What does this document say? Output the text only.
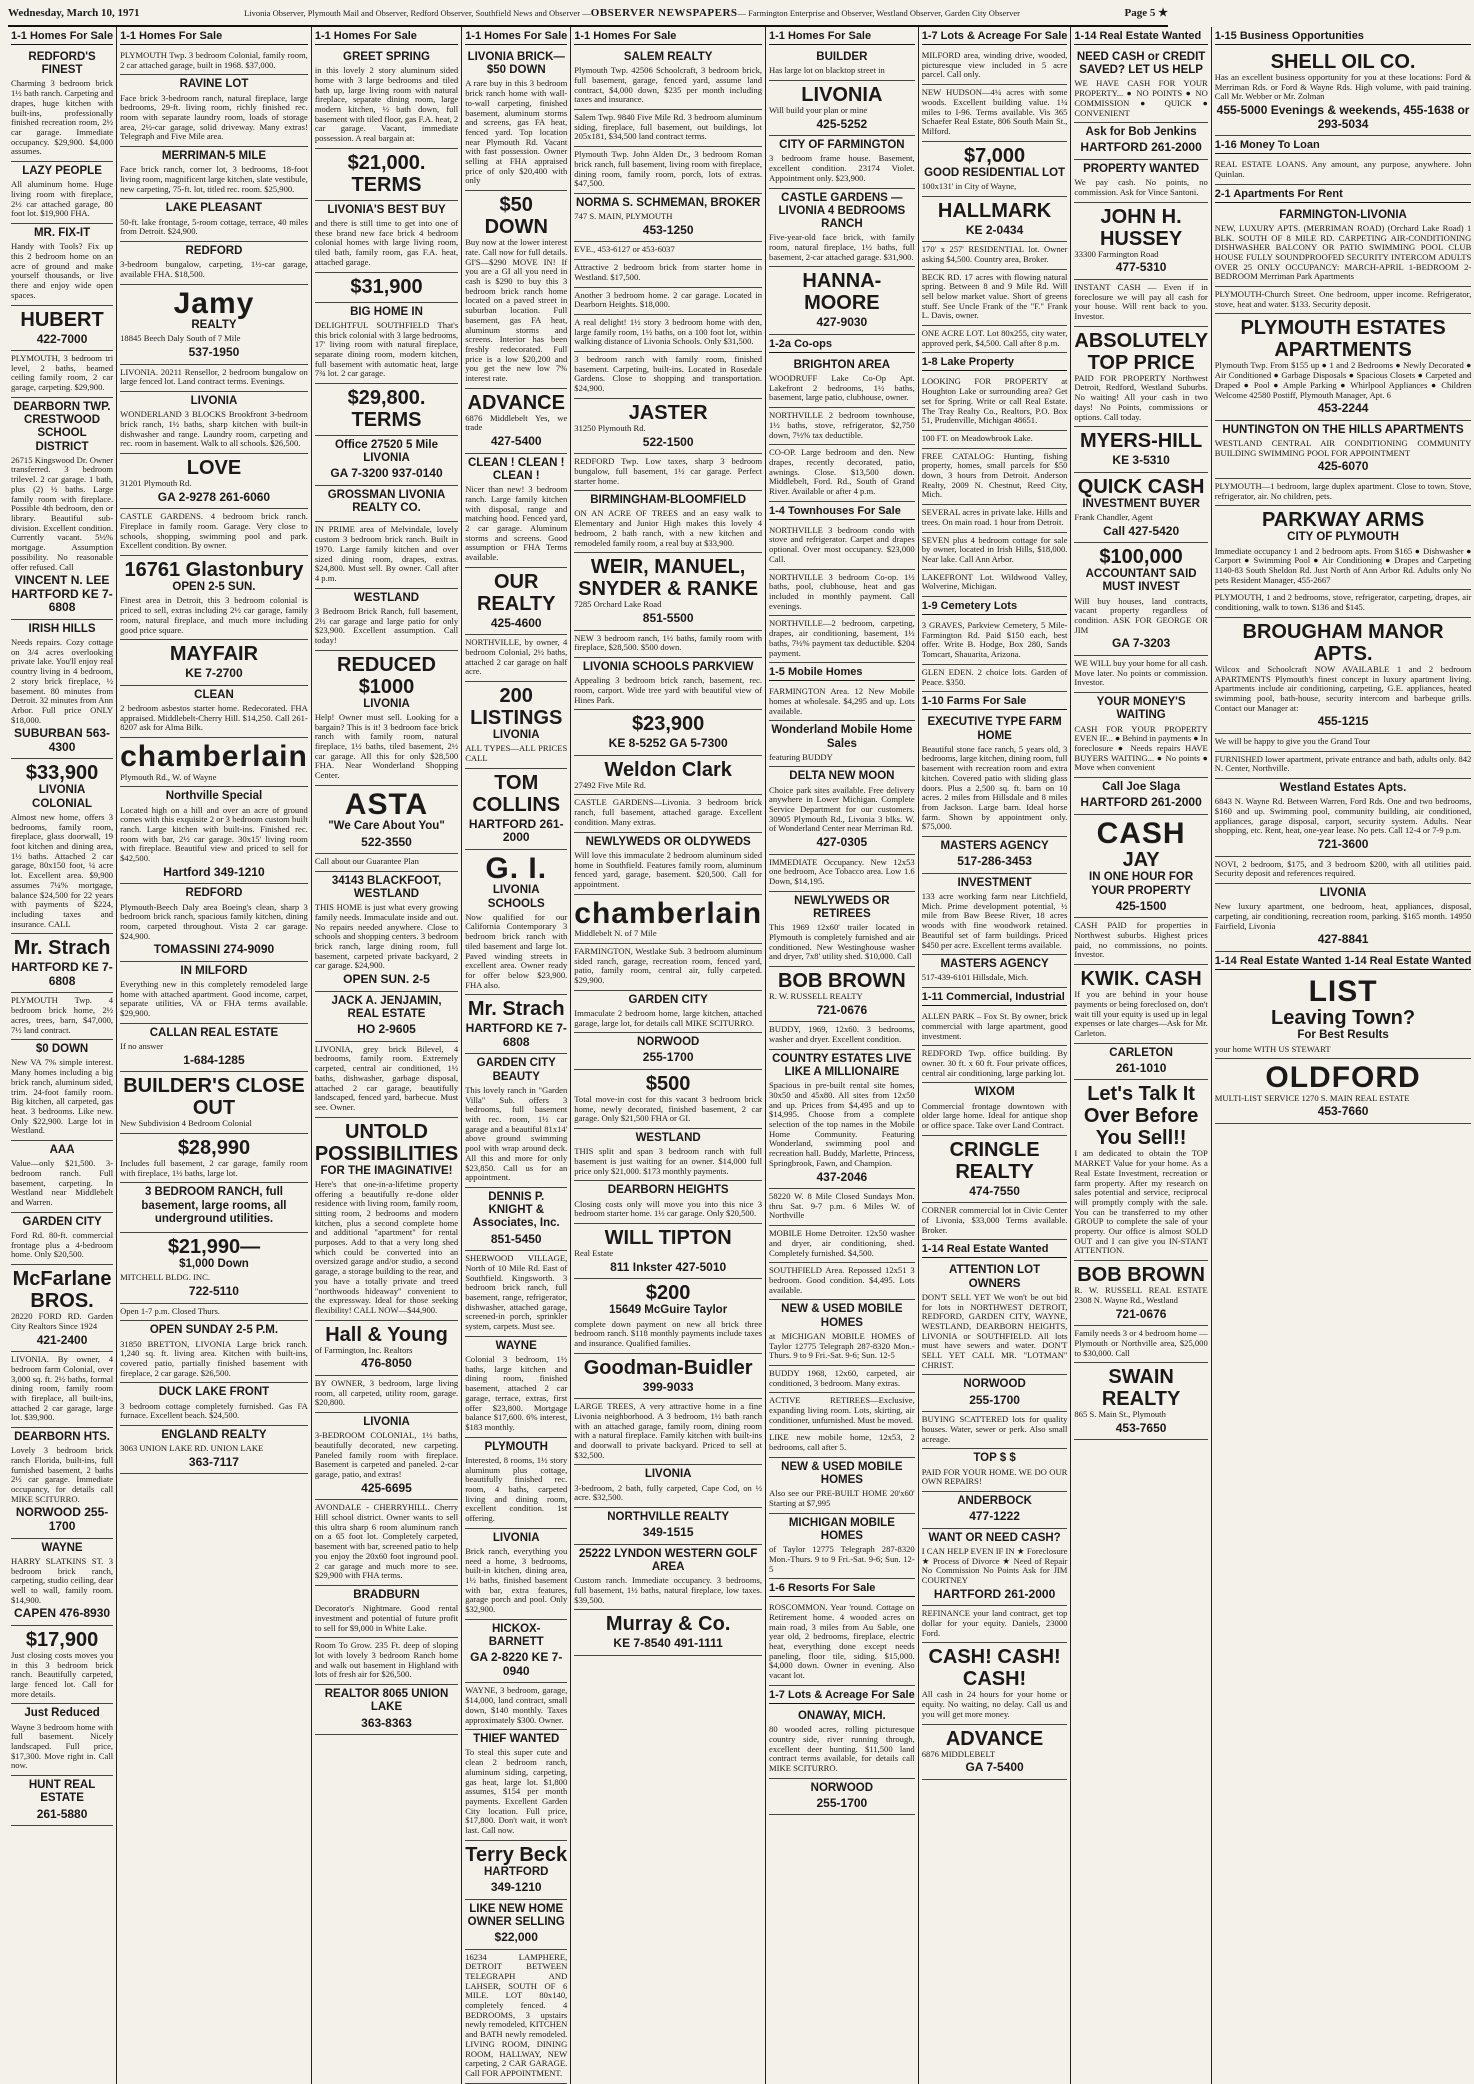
Wednesday, March 10, 1971	Livonia Observer, Plymouth Mail and Observer, Redford Observer, Southfield News and Observer —OBSERVER NEWSPAPERS— Farmington Enterprise and Observer, Westland Observer, Garden City Observer	Page 5 ★
1-1 Homes For Sale
REDFORD'S FINEST
Charming 3 bedroom brick 1½ bath ranch. Carpeting and drapes, huge kitchen with built-ins, professionally finished recreation room, 2½ car garage. Immediate occupancy. $29,900. $4,000 assumes.
LAZY PEOPLE
All aluminum home. Huge living room with fireplace, 2½ car attached garage, 80 foot lot. $19,900 FHA.
MR. FIX-IT
Handy with Tools? Fix up this 2 bedroom home on an acre of ground and make yourself thousands, or live there and enjoy wide open spaces.
HUBERT
422-7000
PLYMOUTH, 3 bedroom tri level, 2 baths, beamed ceiling family room, 2 car garage, carpeting. $29,900.
DEARBORN TWP. CRESTWOOD SCHOOL DISTRICT
26715 Kingswood Dr. Owner transferred. 3 bedroom trilevel. 2 car garage. 1 bath, plus (2) ½ baths. Large family room with fireplace. Possible 4th bedroom, den or library. Beautiful sub-division. Excellent condition. Currently vacant. 5½% mortgage. Assumption possibility. No reasonable offer refused. Call
VINCENT N. LEE HARTFORD KE 7-6808
IRISH HILLS
Needs repairs. Cozy cottage on 3/4 acres overlooking private lake. You'll enjoy real country living in 4 bedroom, 2 story brick fireplace, ½ basement. 80 minutes from Detroit. 32 minutes from Ann Arbor. Full price ONLY $18,000.
SUBURBAN 563-4300
$33,900
LIVONIA COLONIAL
Almost new home, offers 3 bedrooms, family room, fireplace, glass doorwall, 19 foot kitchen and dining area, 1½ baths. Attached 2 car garage, 80x150 foot, ¼ acre lot. Excellent area. $9,900 assumes 7¼% mortgage, balance $24,500 for 22 years with payments of $224, including taxes and insurance. CALL
Mr. Strach
HARTFORD KE 7-6808
PLYMOUTH Twp. 4 bedroom brick home, 2½ acres, trees, barn, $47,000, 7½ land contract.
$0 DOWN
New VA 7% simple interest. Many homes including a big brick ranch, aluminum sided, trim. 24-foot family room. Big kitchen, all carpeted, gas heat. 3 bedrooms. Like new. Only $22,900. Large lot in Westland.
AAA
Value—only $21,500. 3-bedroom ranch. Full basement, carpeting. In Westland near Middlebelt and Warren.
GARDEN CITY
Ford Rd. 80-ft. commercial frontage plus a 4-bedroom home. Only $20,500.
McFarlane BROS.
28220 FORD RD. Garden City Realtors Since 1924
421-2400
LIVONIA. By owner, 4 bedroom farm Colonial, over 3,000 sq. ft. 2½ baths, formal dining room, family room with fireplace, all built-ins, attached 2 car garage, large lot. $39,900.
DEARBORN HTS.
Lovely 3 bedroom brick ranch Florida, built-ins, full furnished basement, 2 baths 2½ car garage. Immediate occupancy, for details call MIKE SCITURRO.
NORWOOD 255-1700
WAYNE
HARRY SLATKINS ST. 3 bedroom brick ranch, carpeting, studio ceiling, dear well to wall, family room. $14,900.
CAPEN 476-8930
$17,900
Just closing costs moves you in this 3 bedroom brick ranch. Beautifully carpeted, large fenced lot. Call for more details.
Just Reduced
Wayne 3 bedroom home with full basement. Nicely landscaped. Full price, $17,300. Move right in. Call now.
HUNT REAL ESTATE
261-5880
1-1 Homes For Sale
PLYMOUTH Twp. 3 bedroom Colonial, family room, 2 car attached garage, built in 1968. $37,000.
RAVINE LOT
Face brick 3-bedroom ranch, natural fireplace, large bedrooms, 29-ft. living room, richly finished rec. room with separate laundry room, loads of storage area, 2½-car garage, solid driveway. Many extras! Telegraph and Five Mile area.
MERRIMAN-5 MILE
Face brick ranch, corner lot, 3 bedrooms, 18-foot living room, magnificent large kitchen, slate vestibule, new carpeting, 75-ft. lot, titled rec. room. $25,900.
LAKE PLEASANT
50-ft. lake frontage, 5-room cottage, terrace, 40 miles from Detroit. $24,900.
REDFORD
3-bedroom bungalow, carpeting, 1½-car garage, available FHA. $18,500.
Jamy
REALTY
18845 Beech Daly South of 7 Mile
537-1950
LIVONIA. 20211 Rensellor, 2 bedroom bungalow on large fenced lot. Land contract terms. Evenings.
LIVONIA
WONDERLAND 3 BLOCKS Brookfront 3-bedroom brick ranch, 1½ baths, sharp kitchen with built-in dishwasher and range. Laundry room, carpeting and rec. room in basement. Walk to all schools. $26,500.
LOVE
31201 Plymouth Rd.
GA 2-9278 261-6060
CASTLE GARDENS. 4 bedroom brick ranch. Fireplace in family room. Garage. Very close to schools, shopping, swimming pool and park. Excellent condition. By owner.
16761 Glastonbury
OPEN 2-5 SUN.
Finest area in Detroit, this 3 bedroom colonial is priced to sell, extras including 2½ car garage, family room, natural fireplace, and much more including good price square.
MAYFAIR
KE 7-2700
CLEAN
2 bedroom asbestos starter home. Redecorated. FHA appraised. Middlebelt-Cherry Hill. $14,250. Call 261-8207 ask for Alma Bilk.
chamberlain
Plymouth Rd., W. of Wayne
Northville Special
Located high on a hill and over an acre of ground comes with this exquisite 2 or 3 bedroom custom built ranch. Large kitchen with built-ins. Finished rec. room with bar, 2½ car garage. 30x15' living room with fireplace. Beautiful view and priced to sell for $42,500.
Hartford 349-1210
REDFORD
Plymouth-Beech Daly area Boeing's clean, sharp 3 bedroom brick ranch, spacious family kitchen, dining room, carpeted throughout. Vista 2 car garage. $24,900.
TOMASSINI 274-9090
IN MILFORD
Everything new in this completely remodeled large home with attached apartment. Good income, carpet, separate utilities, VA or FHA terms available. $29,900.
CALLAN REAL ESTATE
If no answer
1-684-1285
BUILDER'S CLOSE OUT
New Subdivision 4 Bedroom Colonial
$28,990
Includes full basement, 2 car garage, family room with fireplace, 1½ baths, large lot.
3 BEDROOM RANCH, full basement, large rooms, all underground utilities.
$21,990—
$1,000 Down
MITCHELL BLDG. INC.
722-5110
Open 1-7 p.m. Closed Thurs.
OPEN SUNDAY 2-5 P.M.
31850 BRETTON, LIVONIA Large brick ranch. 1,240 sq. ft. living area. Kitchen with built-ins, covered patio, partially finished basement with fireplace, 2 car garage. $26,500.
DUCK LAKE FRONT
3 bedroom cottage completely furnished. Gas FA furnace. Excellent beach. $24,500.
ENGLAND REALTY
3063 UNION LAKE RD. UNION LAKE
363-7117
1-1 Homes For Sale
GREET SPRING
in this lovely 2 story aluminum sided home with 3 large bedrooms and tiled bath up, large living room with natural fireplace, separate dining room, large modern kitchen, ½ bath down, full basement with tiled floor, gas F.A. heat, 2 car garage. Vacant, immediate possession. A real bargain at:
$21,000. TERMS
LIVONIA'S BEST BUY
and there is still time to get into one of these brand new face brick 4 bedroom colonial homes with large living room, tiled bath, family room, gas F.A. heat, attached garage.
$31,900
BIG HOME IN
DELIGHTFUL SOUTHFIELD That's this brick colonial with 3 large bedrooms, 17' living room with natural fireplace, separate dining room, modern kitchen, full basement with automatic heat, large 7¾ lot. 2 car garage.
$29,800. TERMS
Office 27520 5 Mile LIVONIA
GA 7-3200 937-0140
GROSSMAN LIVONIA REALTY CO.
IN PRIME area of Melvindale, lovely custom 3 bedroom brick ranch. Built in 1970. Large family kitchen and over sized dining room, drapes, extras. $24,800. Must sell. By owner. Call after 4 p.m.
WESTLAND
3 Bedroom Brick Ranch, full basement, 2½ car garage and large patio for only $23,900. Excellent assumption. Call today!
REDUCED $1000
LIVONIA
Help! Owner must sell. Looking for a bargain? This is it! 3 bedroom face brick ranch with family room, natural fireplace, 1½ baths, tiled basement, 2½ car garage. All this for only $28,500 FHA. Near Wonderland Shopping Center.
ASTA
"We Care About You"
522-3550
Call about our Guarantee Plan
34143 BLACKFOOT, WESTLAND
THIS HOME is just what every growing family needs. Immaculate inside and out. No repairs needed anywhere. Close to schools and shopping centers. 3 bedroom brick ranch, large dining room, full basement, carpeted private backyard, 2 car garage. $24,900.
OPEN SUN. 2-5
JACK A. JENJAMIN, REAL ESTATE
HO 2-9605
LIVONIA, grey brick Bilevel, 4 bedrooms, family room. Extremely carpeted, central air conditioned, 1½ baths, dishwasher, garbage disposal, attached 2 car garage, beautifully landscaped, fenced yard, barbecue. Must see. Owner.
UNTOLD POSSIBILITIES
FOR THE IMAGINATIVE!
Here's that one-in-a-lifetime property offering a beautifully re-done older residence with living room, family room, sitting room, 2 bedrooms and modern kitchen, plus a second complete home and additional "apartment" for rental purposes. Add to that a very long shed which could be converted into an oversized garage and/or studio, a second garage, a storage building to the rear, and you have a totally private and treed "northwoods hideaway" convenient to the expressway. Ideal for those seeking flexibility! CALL NOW—$44,900.
Hall & Young
of Farmington, Inc. Realtors
476-8050
BY OWNER, 3 bedroom, large living room, all carpeted, utility room, garage. $20,800.
LIVONIA
3-BEDROOM COLONIAL, 1½ baths, beautifully decorated, new carpeting. Paneled family room with fireplace. Basement is carpeted and paneled. 2-car garage, patio, and extras!
425-6695
AVONDALE - CHERRYHILL. Cherry Hill school district. Owner wants to sell this ultra sharp 6 room aluminum ranch on a 65 foot lot. Completely carpeted, basement with bar, screened patio to help you enjoy the 20x60 foot inground pool. 2 car garage and much more to see. $29,900 with FHA terms.
BRADBURN
Decorator's Nightmare. Good rental investment and potential of future profit to sell for $9,000 in White Lake.
Room To Grow. 235 Ft. deep of sloping lot with lovely 3 bedroom Ranch home and walk out basement in Highland with lots of fresh air for $26,500.
REALTOR 8065 UNION LAKE
363-8363
1-1 Homes For Sale
LIVONIA BRICK— $50 DOWN
A rare buy in this 3 bedroom brick ranch home with wall-to-wall carpeting, finished basement, aluminum storms and screens, gas FA heat, fenced yard. Top location near Plymouth Rd. Vacant with fast possession. Owner selling at FHA appraised price of only $20,400 with only
$50 DOWN
Buy now at the lower interest rate. Call now for full details. GI'S—$290 MOVE IN! If you are a GI all you need in cash is $290 to buy this 3 bedroom brick ranch home located on a paved street in suburban location. Full basement, gas FA heat, aluminum storms and screens. Interior has been freshly redecorated. Full price is a low $20,200 and you get the new low 7% interest rate.
ADVANCE
6876 Middlebelt Yes, we trade
427-5400
CLEAN ! CLEAN ! CLEAN !
Nicer than new! 3 bedroom ranch. Large family kitchen with disposal, range and matching hood. Fenced yard, 2 car garage. Aluminum storms and screens. Good assumption or FHA Terms available.
OUR REALTY
425-4600
NORTHVILLE, by owner, 4 bedroom Colonial, 2½ baths, attached 2 car garage on half acre.
200 LISTINGS
LIVONIA
ALL TYPES—ALL PRICES CALL
TOM COLLINS
HARTFORD 261-2000
G. I.
LIVONIA SCHOOLS
Now qualified for our California Contemporary 3 bedroom brick ranch with tiled basement and large lot. Paved winding streets in excellent area. Owner ready for offer below $23,900. FHA also.
Mr. Strach
HARTFORD KE 7-6808
GARDEN CITY BEAUTY
This lovely ranch in "Garden Villa" Sub. offers 3 bedrooms, full basement with rec. room, 1½ car garage and a beautiful 81x14' above ground swimming pool with wrap around deck. All this and more for only $23,850. Call us for an appointment.
DENNIS P. KNIGHT & Associates, Inc.
851-5450
SHERWOOD VILLAGE, North of 10 Mile Rd. East of Southfield. Kingsworth. 3 bedroom brick ranch, full basement, range, refrigerator, dishwasher, attached garage, screened-in porch, sprinkler system, carpets. Must see.
WAYNE
Colonial 3 bedroom, 1½ baths, large kitchen and dining room, finished basement, attached 2 car garage, terrace, extras, first offer $23,800. Mortgage balance $17,600. 6% interest, $183 monthly.
PLYMOUTH
Interested, 8 rooms, 1½ story aluminum plus cottage, beautifully finished rec. room, 4 baths, carpeted living and dining room, excellent condition. 1st offering.
LIVONIA
Brick ranch, everything you need a home, 3 bedrooms, built-in kitchen, dining area, 1½ baths, finished basement with bar, extra features, garage porch and pool. Only $32,900.
HICKOX-BARNETT
GA 2-8220 KE 7-0940
WAYNE, 3 bedroom, garage, $14,000, land contract, small down, $140 monthly. Taxes approximately $300. Owner.
THIEF WANTED
To steal this super cute and clean 2 bedroom ranch, aluminum siding, carpeting, gas heat, large lot. $1,800 assumes, $154 per month payments. Excellent Garden City location. Full price, $17,800. Don't wait, it won't last. Call now.
Terry Beck
HARTFORD
349-1210
LIKE NEW HOME OWNER SELLING
$22,000
16234 LAMPHERE, DETROIT BETWEEN TELEGRAPH AND LAHSER, SOUTH OF 6 MILE. LOT 80x140, completely fenced. 4 BEDROOMS, 3 upstairs newly remodeled, KITCHEN and BATH newly remodeled. LIVING ROOM, DINING ROOM, HALLWAY, NEW carpeting, 2 CAR GARAGE. Call FOR APPOINTMENT.
1-1 Homes For Sale
SALEM REALTY
Plymouth Twp. 42506 Schoolcraft, 3 bedroom brick, full basement, garage, fenced yard, assume land contract, $4,000 down, $235 per month including taxes and insurance.
Salem Twp. 9840 Five Mile Rd. 3 bedroom aluminum siding, fireplace, full basement, out buildings, lot 205x181, $34,500 land contract terms.
Plymouth Twp. John Alden Dr., 3 bedroom Roman brick ranch, full basement, living room with fireplace, dining room, family room, porch, lots of extras. $47,500.
NORMA S. SCHMEMAN, BROKER
747 S. MAIN, PLYMOUTH
453-1250
EVE., 453-6127 or 453-6037
Attractive 2 bedroom brick from starter home in Westland. $17,500.
Another 3 bedroom home. 2 car garage. Located in Dearborn Heights. $18,000.
A real delight! 1½ story 3 bedroom home with den, large family room, 1½ baths, on a 100 foot lot, within walking distance of Livonia Schools. Only $31,500.
3 bedroom ranch with family room, finished basement. Carpeting, built-ins. Located in Rosedale Gardens. Close to shopping and transportation. $24,900.
JASTER
31250 Plymouth Rd.
522-1500
REDFORD Twp. Low taxes, sharp 3 bedroom bungalow, full basement, 1½ car garage. Perfect starter home.
BIRMINGHAM-BLOOMFIELD
ON AN ACRE OF TREES and an easy walk to Elementary and Junior High makes this lovely 4 bedroom, 2 bath ranch, with a new kitchen and remodeled family room, a real buy at $33,900.
WEIR, MANUEL, SNYDER & RANKE
7285 Orchard Lake Road
851-5500
NEW 3 bedroom ranch, 1½ baths, family room with fireplace, $28,500. $500 down.
LIVONIA SCHOOLS PARKVIEW
Appealing 3 bedroom brick ranch, basement, rec. room, carport. Wide tree yard with beautiful view of Hines Park.
$23,900
KE 8-5252 GA 5-7300
Weldon Clark
27492 Five Mile Rd.
CASTLE GARDENS—Livonia. 3 bedroom brick ranch, full basement, attached garage. Excellent condition. Many extras.
NEWLYWEDS OR OLDYWEDS
Will love this immaculate 2 bedroom aluminum sided home in Southfield. Features family room, aluminum fenced yard, garage, basement. $20,500. Call for appointment.
chamberlain
Middlebelt N. of 7 Mile
FARMINGTON, Westlake Sub. 3 bedroom aluminum sided ranch, garage, recreation room, fenced yard, patio, family room, central air, fully carpeted. $29,900.
GARDEN CITY
Immaculate 2 bedroom home, large kitchen, attached garage, large lot, for details call MIKE SCITURRO.
NORWOOD
255-1700
$500
Total move-in cost for this vacant 3 bedroom brick home, newly decorated, finished basement, 2 car garage. Only $21,500 FHA or GI.
WESTLAND
THIS split and span 3 bedroom ranch with full basement is just waiting for an owner. $14,000 full price only $21,000. $173 monthly payments.
DEARBORN HEIGHTS
Closing costs only will move you into this nice 3 bedroom starter home. 1½ car garage. Only $20,500.
WILL TIPTON
Real Estate
811 Inkster 427-5010
$200
15649 McGuire Taylor
complete down payment on new all brick three bedroom ranch. $118 monthly payments include taxes and insurance. Qualified families.
Goodman-Buidler
399-9033
LARGE TREES, A very attractive home in a fine Livonia neighborhood. A 3 bedroom, 1½ bath ranch with an attached garage, family room, dining room with a natural fireplace. Family kitchen with built-ins and doorwall to private backyard. Priced to sell at $32,500.
LIVONIA
3-bedroom, 2 bath, fully carpeted, Cape Cod, on ½ acre. $32,500.
NORTHVILLE REALTY
349-1515
25222 LYNDON WESTERN GOLF AREA
Custom ranch. Immediate occupancy. 3 bedrooms, full basement, 1½ baths, natural fireplace, low taxes. $39,500.
Murray & Co.
KE 7-8540 491-1111
1-1 Homes For Sale
BUILDER
Has large lot on blacktop street in
LIVONIA
Will build your plan or mine
425-5252
CITY OF FARMINGTON
3 bedroom frame house. Basement, excellent condition. 23174 Violet. Appointment only. $23,900.
CASTLE GARDENS —LIVONIA 4 BEDROOMS RANCH
Five-year-old face brick, with family room, natural fireplace, 1½ baths, full basement, 2-car attached garage. $31,900.
HANNA-MOORE
427-9030
1-2a Co-ops
BRIGHTON AREA
WOODRUFF Lake Co-Op Apt. Lakefront 2 bedrooms, 1½ baths, basement, large patio, clubhouse, owner.
NORTHVILLE 2 bedroom townhouse, 1½ baths, stove, refrigerator, $2,750 down, 7½% tax deductible.
CO-OP. Large bedroom and den. New drapes, recently decorated, patio, awnings. Close. $13,500 down. Middlebelt, Ford. Rd., South of Grand River. Available or after 4 p.m.
1-4 Townhouses For Sale
NORTHVILLE 3 bedroom condo with stove and refrigerator. Carpet and drapes optional. Over most occupancy. $23,000 Call.
NORTHVILLE 3 bedroom Co-op. 1½ baths, pool, clubhouse, heat and gas included in monthly payment. Call evenings.
NORTHVILLE—2 bedroom, carpeting, drapes, air conditioning, basement, 1½ baths, 7½% payment tax deductible. $204 payment.
1-5 Mobile Homes
FARMINGTON Area. 12 New Mobile homes at wholesale. $4,295 and up. Lots available.
Wonderland Mobile Home Sales
featuring BUDDY
DELTA NEW MOON
Choice park sites available. Free delivery anywhere in Lower Michigan. Complete Service Department for our customers. 30905 Plymouth Rd., Livonia 3 blks. W. of Wonderland Center near Merriman Rd.
427-0305
IMMEDIATE Occupancy. New 12x53 one bedroom, Ace Tobacco area. Low 1.6 Down, $14,195.
NEWLYWEDS OR RETIREES
This 1969 12x60' trailer located in Plymouth is completely furnished and air conditioned. New Westinghouse washer and dryer, 7x8' utility shed. $10,000. Call
BOB BROWN
R. W. RUSSELL REALTY
721-0676
BUDDY, 1969, 12x60. 3 bedrooms, washer and dryer. Excellent condition.
COUNTRY ESTATES LIVE LIKE A MILLIONAIRE
Spacious in pre-built rental site homes, 30x50 and 45x80. All sites from 12x50 and up. Prices from $4,495 and up to $14,995. Choose from a complete selection of the top names in the Mobile Home Community. Featuring Wonderland, swimming pool and recreation hall. Buddy, Marlette, Princess, Springbrook, Fawn, and Champion.
437-2046
58220 W. 8 Mile Closed Sundays Mon. thru Sat. 9-7 p.m. 6 Miles W. of Northville
MOBILE Home Detroiter. 12x50 washer and dryer, air conditioning, shed. Completely furnished. $4,500.
SOUTHFIELD Area. Repossed 12x51 3 bedroom. Good condition. $4,495. Lots available.
NEW & USED MOBILE HOMES
at MICHIGAN MOBILE HOMES of Taylor 12775 Telegraph 287-8320 Mon.-Thurs. 9 to 9 Fri.-Sat. 9-6; Sun. 12-5
BUDDY 1968, 12x60, carpeted, air conditioned, 3 bedroom. Many extras.
ACTIVE RETIREES—Exclusive, expanding living room. Lots, skirting, air conditioner, unfurnished. Must be moved.
LIKE new mobile home, 12x53, 2 bedrooms, call after 5.
NEW & USED MOBILE HOMES
Also see our PRE-BUILT HOME 20'x60' Starting at $7,995
MICHIGAN MOBILE HOMES
of Taylor 12775 Telegraph 287-8320 Mon.-Thurs. 9 to 9 Fri.-Sat. 9-6; Sun. 12-5
1-6 Resorts For Sale
ROSCOMMON. Year 'round. Cottage on Retirement home. 4 wooded acres on main road, 3 miles from Au Sable, one year old, 2 bedrooms, fireplace, electric heat, everything done except needs paneling, floor tile, siding. $15,000. $4,000 down. Owner in evening. Also vacant lot.
1-7 Lots & Acreage For Sale
ONAWAY, MICH.
80 wooded acres, rolling picturesque country side, river running through, excellent deer hunting. $11,500 land contract terms available, for details call MIKE SCITURRO.
NORWOOD
255-1700
1-7 Lots & Acreage For Sale
MILFORD area, winding drive, wooded, picturesque view included in 5 acre parcel. Call only.
NEW HUDSON—4¼ acres with some woods. Excellent building value. 1¼ miles to I-96. Terms available. Vis 365 Schaefer Real Estate, 806 South Main St., Milford.
$7,000
GOOD RESIDENTIAL LOT
100x131' in City of Wayne,
HALLMARK
KE 2-0434
170' x 257' RESIDENTIAL lot. Owner asking $4,500. Country area, Broker.
BECK RD. 17 acres with flowing natural spring. Between 8 and 9 Mile Rd. Will sell below market value. Short of greens stuff. See Uncle Frank of the "F." Frank L. Davis, owner.
ONE ACRE LOT. Lot 80x255, city water, approved perk, $4,500. Call after 8 p.m.
1-8 Lake Property
LOOKING FOR PROPERTY at Houghton Lake or surrounding area? Get set for Spring. Write or call Real Estate. The Tray Realty Co., Realtors, P.O. Box 51, Prudenville, Michigan 48651.
100 FT. on Meadowbrook Lake.
FREE CATALOG: Hunting, fishing property, homes, small parcels for $50 down, 3 hours from Detroit. Anderson Realty, 2009 N. Chestnut, Reed City, Mich.
SEVERAL acres in private lake. Hills and trees. On main road. 1 hour from Detroit.
SEVEN plus 4 bedroom cottage for sale by owner, located in Irish Hills, $18,000. Near lake. Call Ann Arbor.
LAKEFRONT Lot. Wildwood Valley, Wolverine, Michigan.
1-9 Cemetery Lots
3 GRAVES, Parkview Cemetery, 5 Mile-Farmington Rd. Paid $150 each, best offer. Write B. Hodge, Box 280, Sands Tomcart, Shauarita, Arizona.
GLEN EDEN. 2 choice lots. Garden of Peace. $350.
1-10 Farms For Sale
EXECUTIVE TYPE FARM HOME
Beautiful stone face ranch, 5 years old, 3 bedrooms, large kitchen, dining room, full basement with recreation room and extra kitchen. Covered patio with sliding glass doors. Plus a 2,500 sq. ft. barn on 10 acres. 2 miles from Hillsdale and 8 miles from Jackson. Large barn. Ideal horse farm. Shown by appointment only. $75,000.
MASTERS AGENCY
517-286-3453
INVESTMENT
133 acre working farm near Litchfield, Mich. Prime development potential, ½ mile from Baw Beese River, 18 acres woods with fine woodwork retained. Beautiful set of farm buildings. Priced $450 per acre. Excellent terms available.
MASTERS AGENCY
517-439-6101 Hillsdale, Mich.
1-11 Commercial, Industrial
ALLEN PARK – Fox St. By owner, brick commercial with large apartment, good investment.
REDFORD Twp. office building. By owner. 30 ft. x 60 ft. Four private offices, central air conditioning, large parking lot.
WIXOM
Commercial frontage downtown with older large home. Ideal for antique shop or office space. Take over Land Contract.
CRINGLE REALTY
474-7550
CORNER commercial lot in Civic Center of Livonia, $33,000 Terms available. Broker.
1-14 Real Estate Wanted
ATTENTION LOT OWNERS
DON'T SELL YET We won't be out bid for lots in NORTHWEST DETROIT, REDFORD, GARDEN CITY, WAYNE, WESTLAND, DEARBORN HEIGHTS, LIVONIA or SOUTHFIELD. All lots must have sewers and water. DON'T SELL YET CALL MR. "LOTMAN" CHRIST.
NORWOOD
255-1700
BUYING SCATTERED lots for quality houses. Water, sewer or perk. Also small acreage.
TOP $ $
PAID FOR YOUR HOME. WE DO OUR OWN REPAIRS!
ANDERBOCK
477-1222
WANT OR NEED CASH?
I CAN HELP EVEN IF IN ★ Foreclosure ★ Process of Divorce ★ Need of Repair No Commission No Points Ask for JIM COURTNEY
HARTFORD 261-2000
REFINANCE your land contract, get top dollar for your equity. Daniels, 23000 Ford.
CASH! CASH! CASH!
All cash in 24 hours for your home or equity. No waiting, no delay. Call us and you will get more money.
ADVANCE
6876 MIDDLEBELT
GA 7-5400
1-14 Real Estate Wanted
NEED CASH or CREDIT SAVED? LET US HELP
WE HAVE CASH FOR YOUR PROPERTY... ● NO POINTS ● NO COMMISSION ● QUICK ● CONVENIENT
Ask for Bob Jenkins
HARTFORD 261-2000
PROPERTY WANTED
We pay cash. No points, no commission. Ask for Vince Santoni.
JOHN H. HUSSEY
33300 Farmington Road
477-5310
INSTANT CASH — Even if in foreclosure we will pay all cash for your house. Will rent back to you. Investor.
ABSOLUTELY TOP PRICE
PAID FOR PROPERTY Northwest Detroit, Redford, Westland Suburbs. No waiting! All your cash in two days! No Points, commissions or options. Call today.
MYERS-HILL
KE 3-5310
QUICK CASH
INVESTMENT BUYER
Frank Chandler, Agent
Call 427-5420
$100,000
ACCOUNTANT SAID MUST INVEST
Will buy houses, land contracts, vacant property regardless of condition. ASK FOR GEORGE OR JIM
GA 7-3203
WE WILL buy your home for all cash. Move later. No points or commission. Investor.
YOUR MONEY'S WAITING
CASH FOR YOUR PROPERTY EVEN IF... ● Behind in payments ● In foreclosure ● Needs repairs HAVE BUYERS WAITING... ● No points ● Move when convenient
Call Joe Slaga
HARTFORD 261-2000
CASH
JAY
IN ONE HOUR FOR YOUR PROPERTY
425-1500
CASH PAID for properties in Northwest suburbs. Highest prices paid, no commissions, no points. Investor.
KWIK. CASH
If you are behind in your house payments or being foreclosed on, don't wait till your equity is used up in legal expenses or late charges—Ask for Mr. Carleton.
CARLETON
261-1010
Let's Talk It Over Before You Sell!!
I am dedicated to obtain the TOP MARKET Value for your home. As a Real Estate Investment, recreation or farm property. After my research on sales potential and service, reciprocal will promptly comply with the sale. You can be transferred to my other GROUP to complete the sale of your property. Our office is almost SOLD OUT and I can give you IN-STANT ATTENTION.
BOB BROWN
R. W. RUSSELL REAL ESTATE 2308 N. Wayne Rd., Westland
721-0676
Family needs 3 or 4 bedroom home — Plymouth or Northville area, $25,000 to $30,000. Call
SWAIN REALTY
865 S. Main St., Plymouth
453-7650
1-15 Business Opportunities
SHELL OIL CO.
Has an excellent business opportunity for you at these locations: Ford & Merriman Rds. or Ford & Wayne Rds. High volume, with paid training. Call Mr. Webber or Mr. Zolman
455-5000 Evenings & weekends, 455-1638 or 293-5034
1-16 Money To Loan
REAL ESTATE LOANS. Any amount, any purpose, anywhere. John Quinlan.
2-1 Apartments For Rent
FARMINGTON-LIVONIA
NEW, LUXURY APTS. (MERRIMAN ROAD) (Orchard Lake Road) 1 BLK. SOUTH OF 8 MILE RD. CARPETING AIR-CONDITIONING DISHWASHER BALCONY OR PATIO SWIMMING POOL CLUB HOUSE FULLY SOUNDPROOFED SECURITY INTERCOM ADULTS OVER 25 ONLY OCCUPANCY: MARCH-APRIL 1-BEDROOM 2-BEDROOM Merriman Park Apartments
PLYMOUTH-Church Street. One bedroom, upper income. Refrigerator, stove, heat and water. $133. Security deposit.
PLYMOUTH ESTATES APARTMENTS
Plymouth Twp. From $155 up ● 1 and 2 Bedrooms ● Newly Decorated ● Air Conditioned ● Garbage Disposals ● Spacious Closets ● Carpeted and Draped ● Pool ● Ample Parking ● Whirlpool Appliances ● Children Welcome 42580 Postiff, Plymouth Manager, Apt. 6
453-2244
HUNTINGTON ON THE HILLS APARTMENTS
WESTLAND CENTRAL AIR CONDITIONING COMMUNITY BUILDING SWIMMING POOL FOR APPOINTMENT
425-6070
PLYMOUTH—1 bedroom, large duplex apartment. Close to town. Stove, refrigerator, air. No children, pets.
PARKWAY ARMS
CITY OF PLYMOUTH
Immediate occupancy 1 and 2 bedroom apts. From $165 ● Dishwasher ● Carport ● Swimming Pool ● Air Conditioning ● Drapes and Carpeting 1140-83 South Sheldon Rd. Just North of Ann Arbor Rd. Adults only No pets Resident Manager, 455-2667
PLYMOUTH, 1 and 2 bedrooms, stove, refrigerator, carpeting, drapes, air conditioning, walk to town. $136 and $145.
BROUGHAM MANOR APTS.
Wilcox and Schoolcraft NOW AVAILABLE 1 and 2 bedroom APARTMENTS Plymouth's finest concept in luxury apartment living. Apartments include air conditioning, carpeting, G.E. appliances, heated swimming pool, bath-house, security intercom and barbeque grills. Contact our Manager at:
455-1215
We will be happy to give you the Grand Tour
FURNISHED lower apartment, private entrance and bath, adults only. 842 N. Center, Northville.
Westland Estates Apts.
6843 N. Wayne Rd. Between Warren, Ford Rds. One and two bedrooms, $160 and up. Swimming pool, community building, air conditioned, appliances, garage disposal, carport, security system. Adults. Near shopping, etc. Rent, heat, one-year lease. No pets. Call 12-4 or 7-9 p.m.
721-3600
NOVI, 2 bedroom, $175, and 3 bedroom $200, with all utilities paid. Security deposit and references required.
LIVONIA
New luxury apartment, one bedroom, heat, appliances, disposal, carpeting, air conditioning, recreation room, parking. $165 month. 14950 Fairfield, Livonia
427-8841
1-14 Real Estate Wanted 1-14 Real Estate Wanted
LIST
Leaving Town?
For Best Results
your home WITH US STEWART
OLDFORD
MULTI-LIST SERVICE 1270 S. MAIN REAL ESTATE
453-7660
